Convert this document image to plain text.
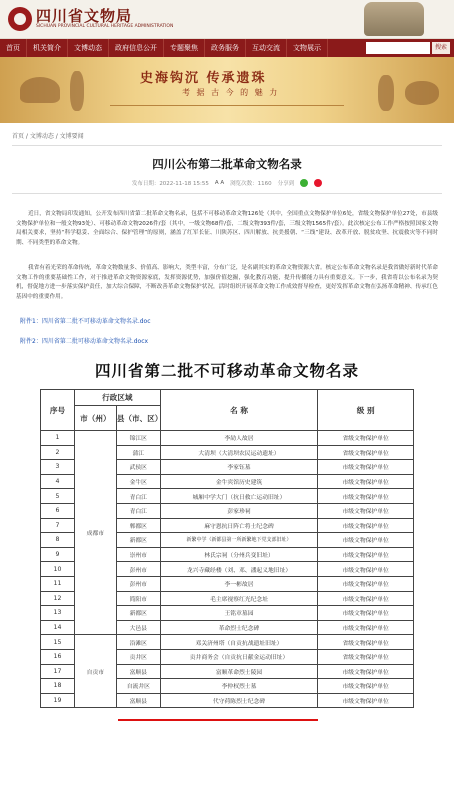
四川省文物局
SICHUAN PROVINCIAL CULTURAL HERITAGE ADMINISTRATION
首页	机关简介	文博动态	政府信息公开	专题聚焦	政务服务	互动交流	文物展示	搜索
史海钩沉 传承遗珠
考 据 古 今 的 魅 力
首页 / 文博动态 / 文博要闻
四川公布第二批革命文物名录
发布日期：2022-11-18 15:55 A A 浏览次数：1160 分享到

近日，省文物局印发通知，公开发布四川省第二批革命文物名录，包括不可移动革命文物126处（其中，全国重点文物保护单位6处，省级文物保护单位27处，市县级文物保护单位和一般文物93处）、可移动革命文物2026件/套（其中，一级文物68件/套，二级文物393件/套，三级文物1565件/套）。此次核定公布工作严格按照国家文物局相关要求，坚持“科学稳妥、全面综合、保护管理”的原则，涵盖了红军长征、川陕苏区、四川解放、抗美援朝、“三线”建设、改革开放、脱贫攻坚、抗震救灾等不同时期、不同类型的革命文物。

我省有着光荣的革命传统，革命文物数量多、价值高、影响大，类型丰富，分布广泛，是名副其实的革命文物资源大省。核定公布革命文物名录是我省做好新时代革命文物工作的重要基础性工作，对于推进革命文物资源家底，发挥资源优势，加强价值挖掘，强化教育功能，提升传播能力具有重要意义。下一步，我省将以公布名录为契机，督促地方进一步落实保护责任，加大综合保障，不断改善革命文物保护状况，活时组织开展革命文物工作成效督导检查，更好发挥革命文物在弘扬革命精神、传承红色基因中的重要作用。

附件1：四川省第二批不可移动革命文物名录.doc
附件2：四川省第二批可移动革命文物名录.docx
四川省第二批不可移动革命文物名录
序号	行政区域		名 称	级 别
	市（州）	县（市、区）		
1	成都市	锦江区	李劼人故居	省级文物保护单位
2		蒲江	大清坝（大清坝农民运动遗址）	省级文物保护单位
3		武侯区	李家钰墓	市级文物保护单位
4		金牛区	金牛宾馆历史建筑	市级文物保护单位
5		青白江	城厢中学大门（抗日救亡运动旧址）	市级文物保护单位
6		青白江	彭家珍祠	市级文物保护单位
7		郫都区	麻守恩抗日阵亡将士纪念碑	市级文物保护单位
8		新都区	新繁中学（新都县第一所新繁地下党支部旧址）	市级文物保护单位
9		崇州市	林氏宗祠（分州兵变旧址）	市级文物保护单位
10		彭州市	龙兴寺藏经楼（刘、邓、潘起义地旧址）	市级文物保护单位
11		彭州市	李一彬故居	市级文物保护单位
12		简阳市	毛主席视察红光纪念址	市级文物保护单位
13		新都区	王铭章墓园	市级文物保护单位
14		大邑县	革命烈士纪念碑	市级文物保护单位
15	自贡市	沿滩区	邓关济州塔（自贡抗战遗址旧址）	省级文物保护单位
16		贡井区	贡井商务会（自贡抗日献金运动旧址）	省级文物保护单位
17		富顺县	富顺革命烈士陵园	市级文物保护单位
18		自流井区	李仲权烈士墓	市级文物保护单位
19		富顺县	代守荷陈烈士纪念碑	市级文物保护单位
